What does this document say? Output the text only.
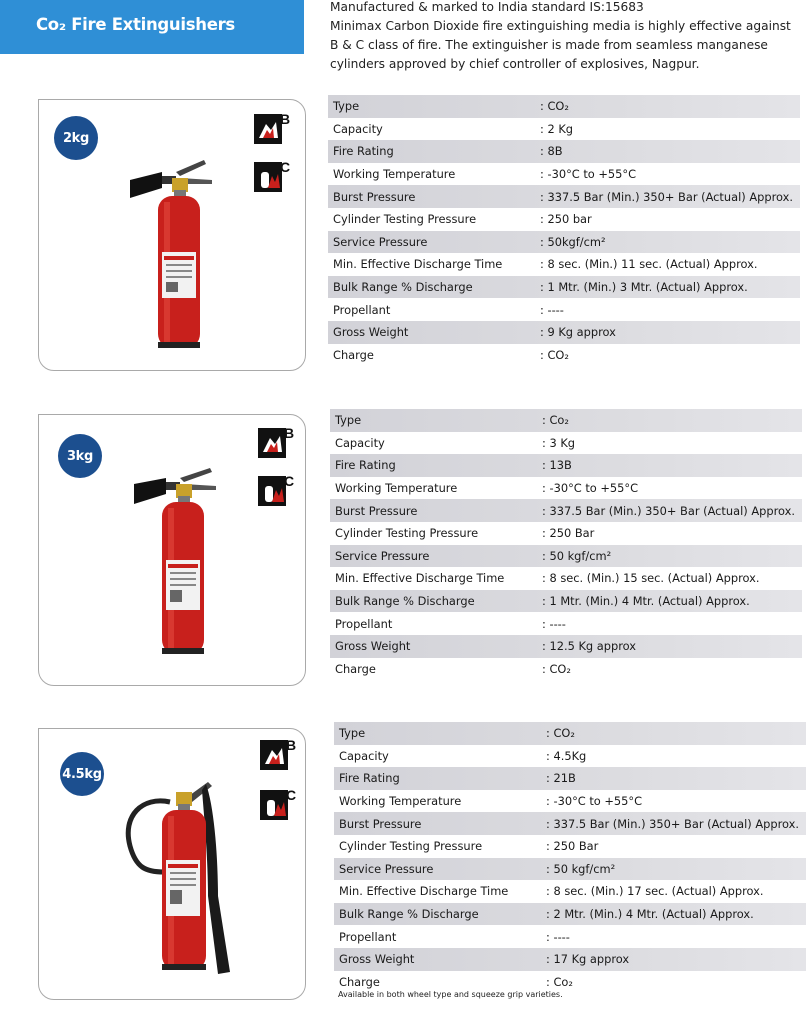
Co₂ Fire Extinguishers

Manufactured & marked to India standard IS:15683

Minimax Carbon Dioxide fire extinguishing media is highly effective against B & C class of fire. The extinguisher is made from seamless manganese cylinders approved by chief controller of explosives, Nagpur.

2kg
B
C
Type	: CO₂
Capacity	: 2 Kg
Fire Rating	: 8B
Working Temperature	: -30°C to +55°C
Burst Pressure	: 337.5 Bar (Min.) 350+ Bar (Actual) Approx.
Cylinder Testing Pressure	: 250 bar
Service Pressure	: 50kgf/cm²
Min. Effective Discharge Time	: 8 sec. (Min.) 11 sec. (Actual) Approx.
Bulk Range % Discharge	: 1 Mtr. (Min.) 3 Mtr. (Actual) Approx.
Propellant	: ----
Gross Weight	: 9 Kg approx
Charge	: CO₂
3kg
B
C
Type	: Co₂
Capacity	: 3 Kg
Fire Rating	: 13B
Working Temperature	: -30°C to +55°C
Burst Pressure	: 337.5 Bar (Min.) 350+ Bar (Actual) Approx.
Cylinder Testing Pressure	: 250 Bar
Service Pressure	: 50 kgf/cm²
Min. Effective Discharge Time	: 8 sec. (Min.) 15 sec. (Actual) Approx.
Bulk Range % Discharge	: 1 Mtr. (Min.) 4 Mtr. (Actual) Approx.
Propellant	: ----
Gross Weight	: 12.5 Kg approx
Charge	: CO₂
4.5kg
B
C
Type	: CO₂
Capacity	: 4.5Kg
Fire Rating	: 21B
Working Temperature	: -30°C to +55°C
Burst Pressure	: 337.5 Bar (Min.) 350+ Bar (Actual) Approx.
Cylinder Testing Pressure	: 250 Bar
Service Pressure	: 50 kgf/cm²
Min. Effective Discharge Time	: 8 sec. (Min.) 17 sec. (Actual) Approx.
Bulk Range % Discharge	: 2 Mtr. (Min.) 4 Mtr. (Actual) Approx.
Propellant	: ----
Gross Weight	: 17 Kg approx
Charge	: Co₂
Available in both wheel type and squeeze grip varieties.
